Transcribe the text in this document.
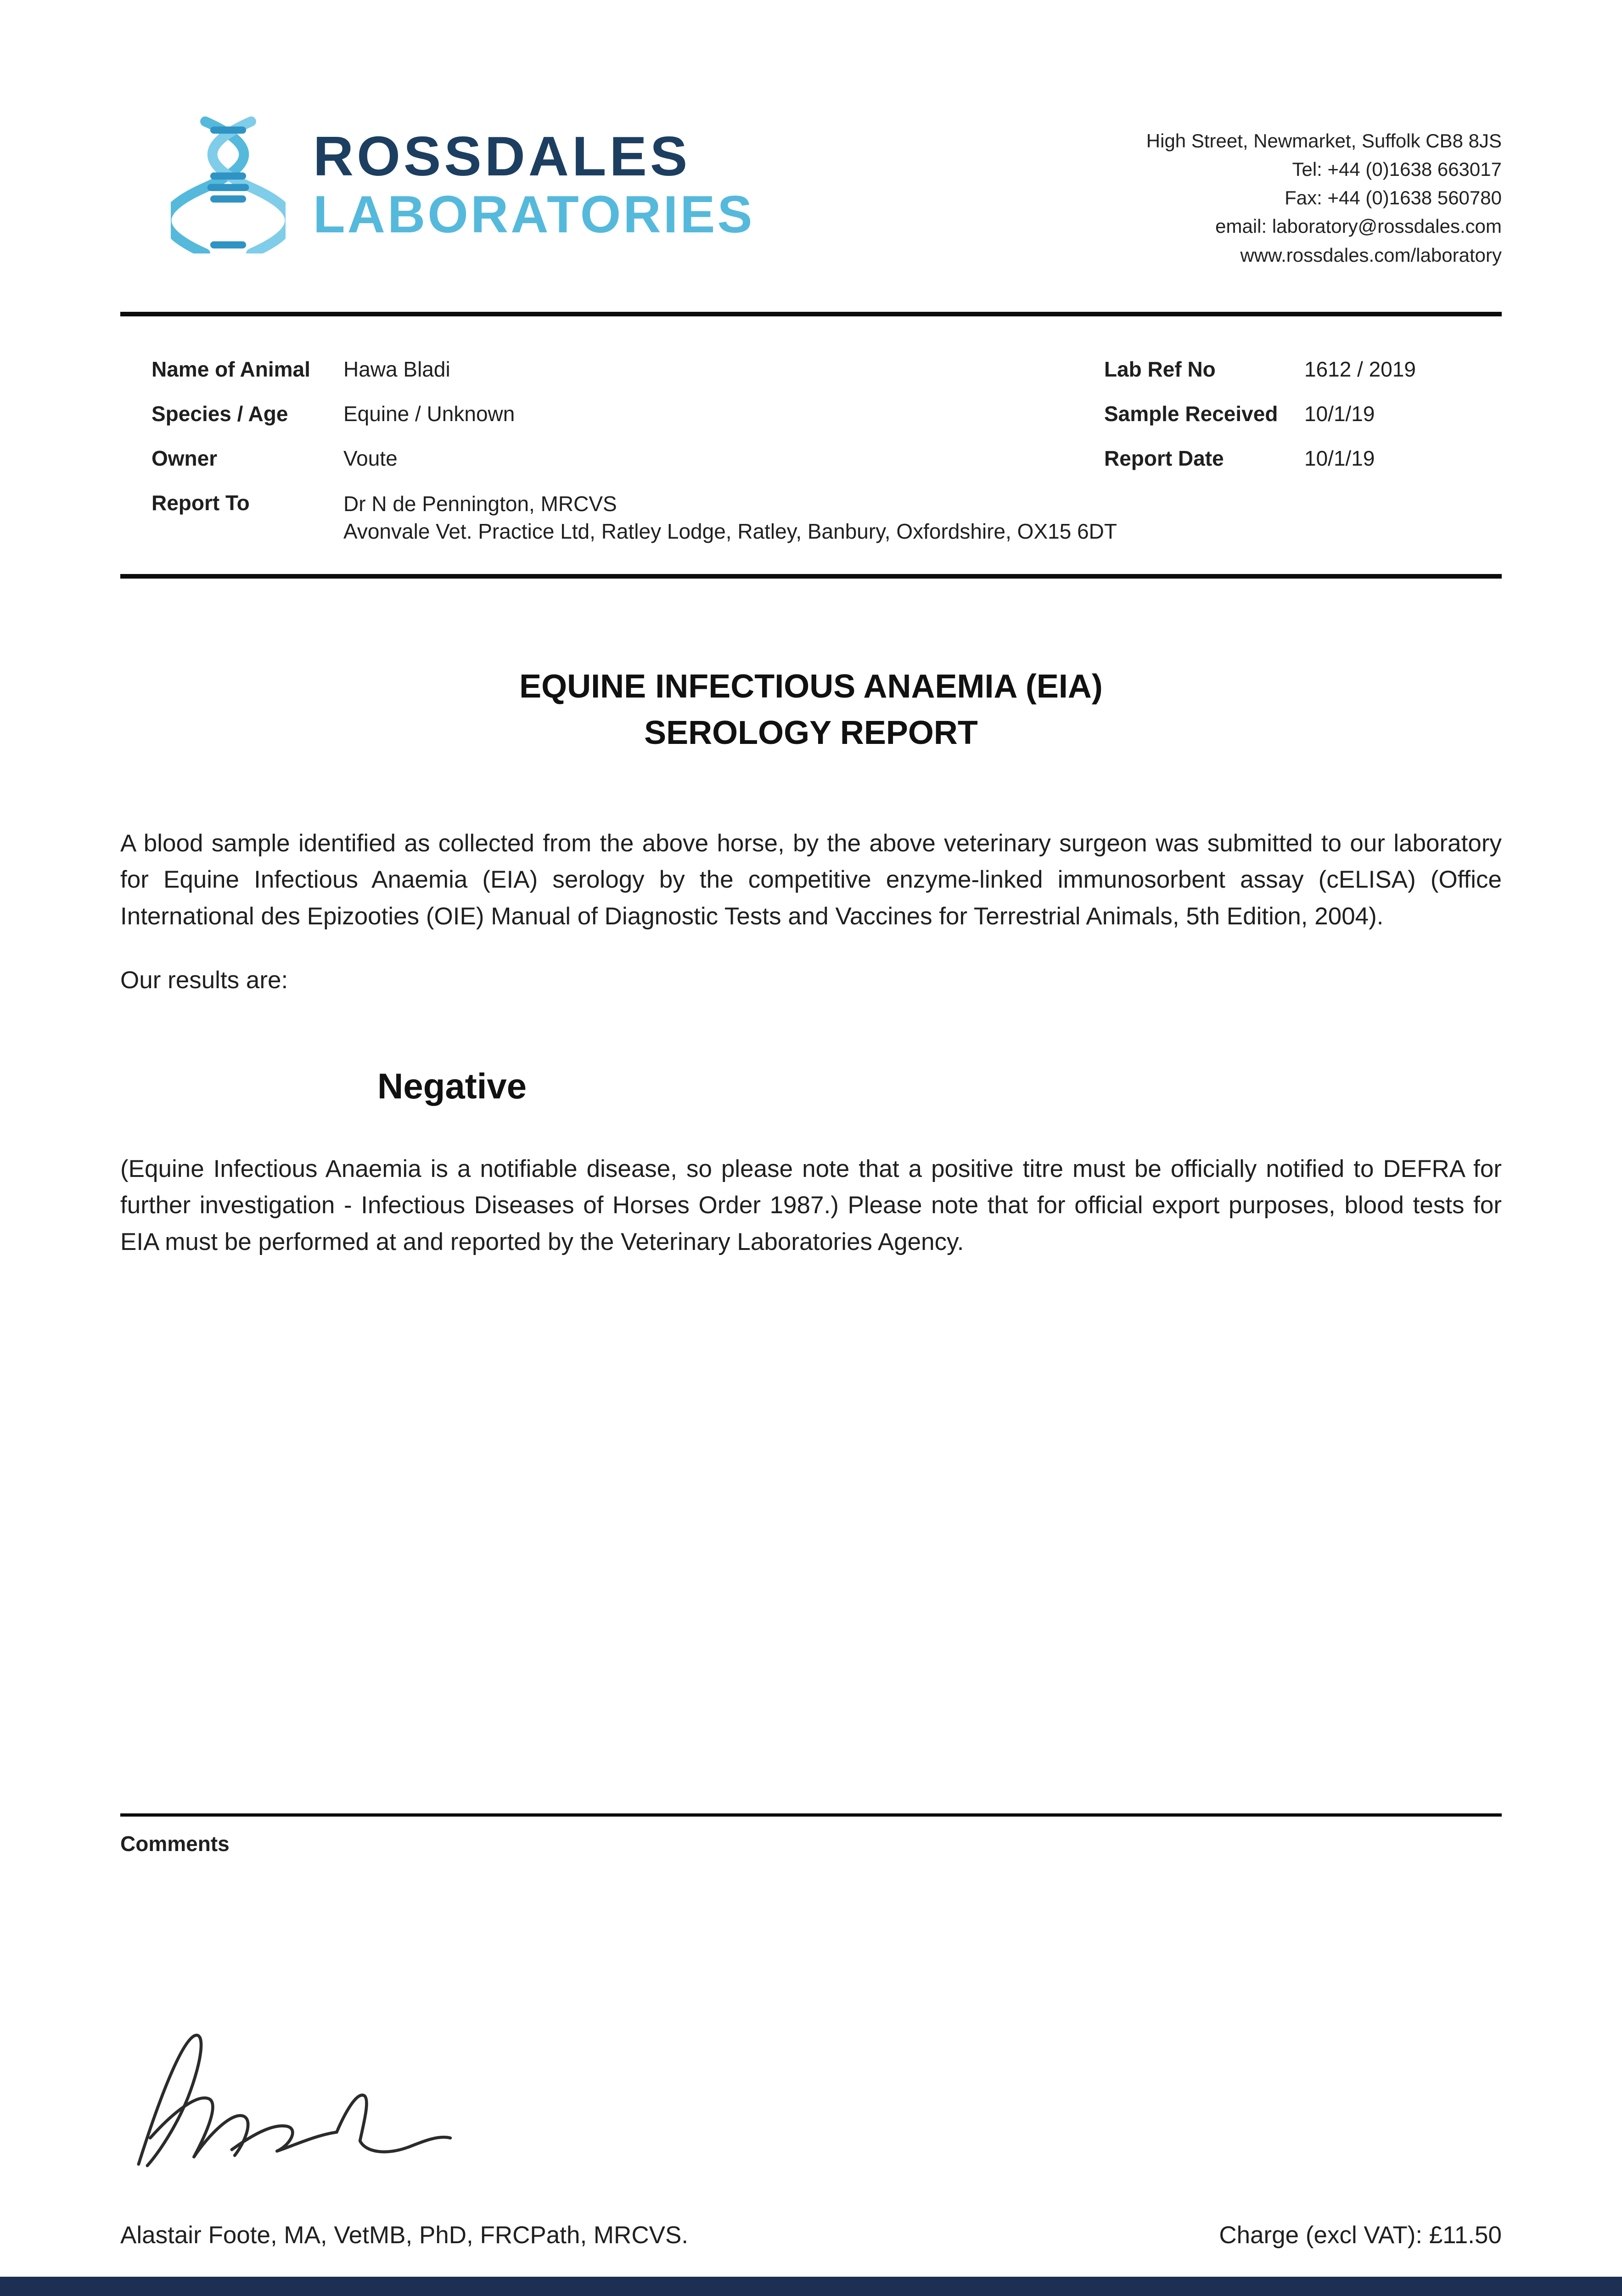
ROSSDALES
LABORATORIES
High Street, Newmarket, Suffolk CB8 8JS
Tel: +44 (0)1638 663017
Fax: +44 (0)1638 560780
email: laboratory@rossdales.com
www.rossdales.com/laboratory
Name of Animal	Hawa Bladi	Lab Ref No	1612 / 2019
Species / Age	Equine / Unknown	Sample Received	10/1/19
Owner	Voute	Report Date	10/1/19
Report To	Dr N de Pennington, MRCVS
Avonvale Vet. Practice Ltd, Ratley Lodge, Ratley, Banbury, Oxfordshire, OX15 6DT
EQUINE INFECTIOUS ANAEMIA (EIA)
SEROLOGY REPORT

A blood sample identified as collected from the above horse, by the above veterinary surgeon was submitted to our laboratory for Equine Infectious Anaemia (EIA) serology by the competitive enzyme-linked immunosorbent assay (cELISA) (Office International des Epizooties (OIE) Manual of Diagnostic Tests and Vaccines for Terrestrial Animals, 5th Edition, 2004).

Our results are:

Negative

(Equine Infectious Anaemia is a notifiable disease, so please note that a positive titre must be officially notified to DEFRA for further investigation - Infectious Diseases of Horses Order 1987.) Please note that for official export purposes, blood tests for EIA must be performed at and reported by the Veterinary Laboratories Agency.

Comments
Alastair Foote, MA, VetMB, PhD, FRCPath, MRCVS.	Charge (excl VAT): £11.50
